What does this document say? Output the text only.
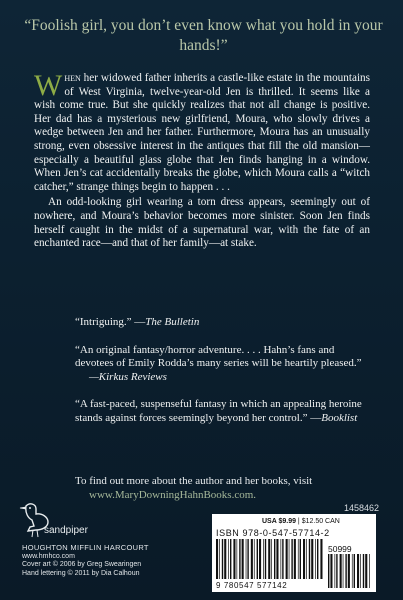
“Foolish girl, you don’t even know what you hold in your hands!”

When her widowed father inherits a castle-like estate in the mountains of West Virginia, twelve-year-old Jen is thrilled. It seems like a wish come true. But she quickly realizes that not all change is positive. Her dad has a mysterious new girlfriend, Moura, who slowly drives a wedge between Jen and her father. Furthermore, Moura has an unusually strong, even obsessive interest in the antiques that fill the old mansion—especially a beautiful glass globe that Jen finds hanging in a window. When Jen’s cat accidentally breaks the globe, which Moura calls a “witch catcher,” strange things begin to happen . . .

An odd-looking girl wearing a torn dress appears, seemingly out of nowhere, and Moura’s behavior becomes more sinister. Soon Jen finds herself caught in the midst of a supernatural war, with the fate of an enchanted race—and that of her family—at stake.

“Intriguing.” —The Bulletin
“An original fantasy/horror adventure. . . . Hahn’s fans and devotees of Emily Rodda’s many series will be heartily pleased.”
—Kirkus Reviews
“A fast-paced, suspenseful fantasy in which an appealing heroine stands against forces seemingly beyond her control.” —Booklist
To find out more about the author and her books, visit
www.MaryDowningHahnBooks.com.
1458462
sandpiper
HOUGHTON MIFFLIN HARCOURT
www.hmhco.com
Cover art © 2006 by Greg Swearingen
Hand lettering © 2011 by Dia Calhoun
USA $9.99 | $12.50 CAN
ISBN 978-0-547-57714-2
50999
9 780547 577142
